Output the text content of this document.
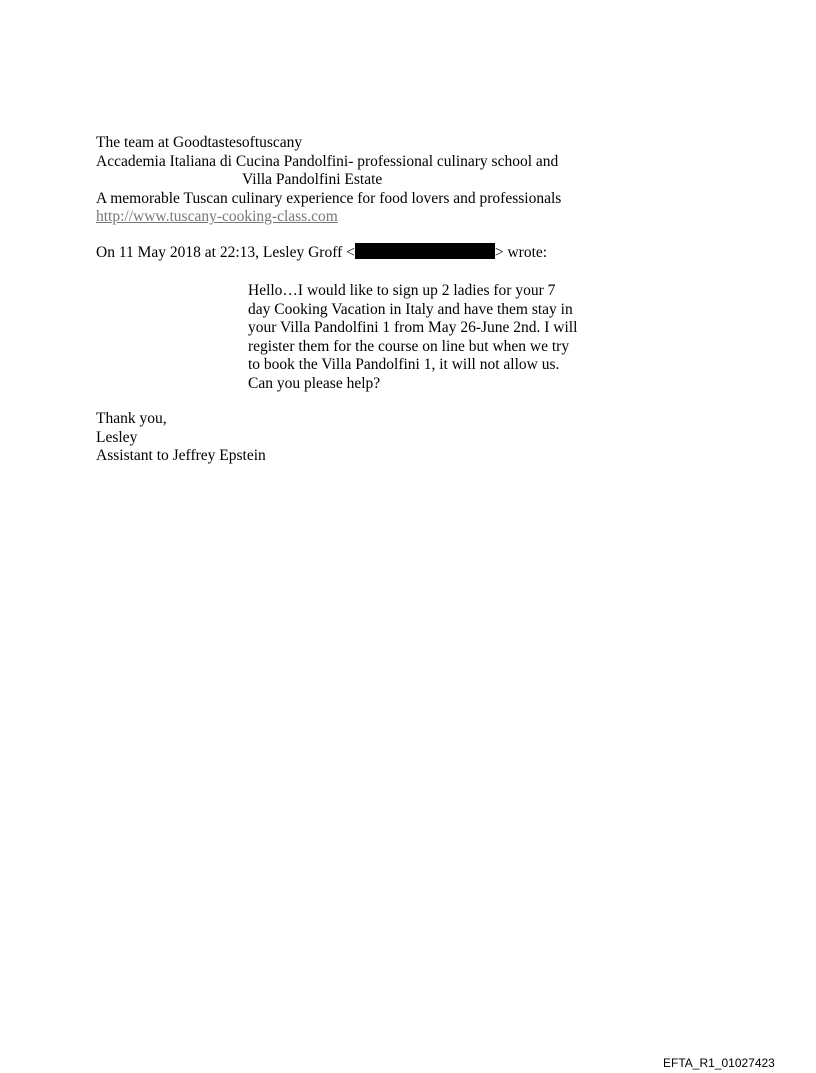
The team at Goodtastesoftuscany
Accademia Italiana di Cucina Pandolfini- professional culinary school and
Villa Pandolfini Estate
A memorable Tuscan culinary experience for food lovers and professionals
http://www.tuscany-cooking-class.com
On 11 May 2018 at 22:13, Lesley Groff <	> wrote:
Hello…I would like to sign up 2 ladies for your 7
day Cooking Vacation in Italy and have them stay in
your Villa Pandolfini 1 from May 26-June 2nd. I will
register them for the course on line but when we try
to book the Villa Pandolfini 1, it will not allow us.
Can you please help?
Thank you,
Lesley
Assistant to Jeffrey Epstein
EFTA_R1_01027423
